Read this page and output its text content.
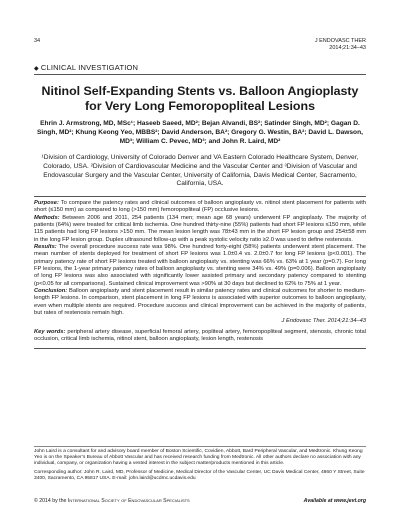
34	J ENDOVASC THER
2014;21:34–43
◆ CLINICAL INVESTIGATION
Nitinol Self-Expanding Stents vs. Balloon Angioplasty for Very Long Femoropopliteal Lesions
Ehrin J. Armstrong, MD, MSc¹; Haseeb Saeed, MD²; Bejan Alvandi, BS²; Satinder Singh, MD²; Gagan D. Singh, MD²; Khung Keong Yeo, MBBS²; David Anderson, BA²; Gregory G. Westin, BA²; David L. Dawson, MD³; William C. Pevec, MD³; and John R. Laird, MD²
¹Division of Cardiology, University of Colorado Denver and VA Eastern Colorado Healthcare System, Denver, Colorado, USA. ²Division of Cardiovascular Medicine and the Vascular Center and ³Division of Vascular and Endovascular Surgery and the Vascular Center, University of California, Davis Medical Center, Sacramento, California, USA.

Purpose: To compare the patency rates and clinical outcomes of balloon angioplasty vs. nitinol stent placement for patients with short (≤150 mm) as compared to long (>150 mm) femoropopliteal (FP) occlusive lesions.

Methods: Between 2006 and 2011, 254 patients (134 men; mean age 68 years) underwent FP angioplasty. The majority of patients (64%) were treated for critical limb ischemia. One hundred thirty-nine (55%) patients had short FP lesions ≤150 mm, while 115 patients had long FP lesions >150 mm. The mean lesion length was 78±43 mm in the short FP lesion group and 254±58 mm in the long FP lesion group. Duplex ultrasound follow-up with a peak systolic velocity ratio ≥2.0 was used to define restenosis.

Results: The overall procedure success rate was 98%. One hundred forty-eight (58%) patients underwent stent placement. The mean number of stents deployed for treatment of short FP lesions was 1.0±0.4 vs. 2.0±0.7 for long FP lesions (p<0.001). The primary patency rate of short FP lesions treated with balloon angioplasty vs. stenting was 66% vs. 63% at 1 year (p=0.7). For long FP lesions, the 1-year primary patency rates of balloon angioplasty vs. stenting were 34% vs. 49% (p=0.006). Balloon angioplasty of long FP lesions was also associated with significantly lower assisted primary and secondary patency compared to stenting (p<0.05 for all comparisons). Sustained clinical improvement was >90% at 30 days but declined to 62% to 75% at 1 year.

Conclusion: Balloon angioplasty and stent placement result in similar patency rates and clinical outcomes for shorter to medium-length FP lesions. In comparison, stent placement in long FP lesions is associated with superior outcomes to balloon angioplasty, even when multiple stents are required. Procedure success and clinical improvement can be achieved in the majority of patients, but rates of restenosis remain high.

J Endovasc Ther. 2014;21:34–43

Key words: peripheral artery disease, superficial femoral artery, popliteal artery, femoropopliteal segment, stenosis, chronic total occlusion, critical limb ischemia, nitinol stent, balloon angioplasty, lesion length, restenosis

John Laird is a consultant for and advisory board member of Boston Scientific, Covidien, Abbott, Bard Peripheral Vascular, and Medtronic. Khung Keong Yeo is on the Speaker’s Bureau of Abbott Vascular and has received research funding from Medtronic. All other authors declare no association with any individual, company, or organization having a vested interest in the subject matter/products mentioned in this article.

Corresponding author: John R. Laird, MD, Professor of Medicine, Medical Director of the Vascular Center, UC Davis Medical Center, 4860 Y Street, Suite 3400, Sacramento, CA 95817 USA. E-mail: john.laird@ucdmc.ucdavis.edu

© 2014 by the International Society of Endovascular Specialists	Available at www.jevt.org
